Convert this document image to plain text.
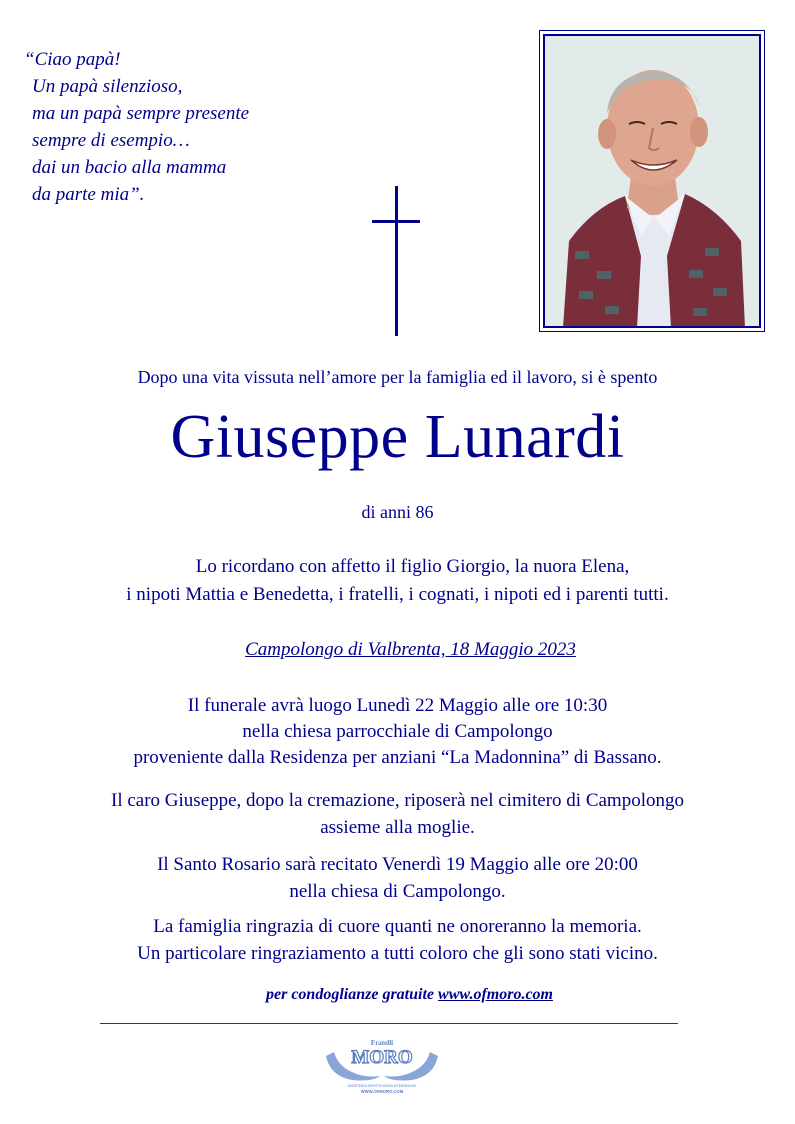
“Ciao papà!
Un papà silenzioso,
ma un papà sempre presente
sempre di esempio…
dai un bacio alla mamma
da parte mia”.
Dopo una vita vissuta nell’amore per la famiglia ed il lavoro, si è spento
Giuseppe Lunardi
di anni 86
Lo ricordano con affetto il figlio Giorgio, la nuora Elena,
i nipoti Mattia e Benedetta, i fratelli, i cognati, i nipoti ed i parenti tutti.
Campolongo di Valbrenta, 18 Maggio 2023
Il funerale avrà luogo Lunedì 22 Maggio alle ore 10:30
nella chiesa parrocchiale di Campolongo
proveniente dalla Residenza per anziani “La Madonnina” di Bassano.
Il caro Giuseppe, dopo la cremazione, riposerà nel cimitero di Campolongo
assieme alla moglie.
Il Santo Rosario sarà recitato Venerdì 19 Maggio alle ore 20:00
nella chiesa di Campolongo.
La famiglia ringrazia di cuore quanti ne onoreranno la memoria.
Un particolare ringraziamento a tutti coloro che gli sono stati vicino.
per condoglianze gratuite www.ofmoro.com
Fratelli
MORO
ASSISTENZA DIRETTA SENZA INTERMEDIARI
WWW.OFMORO.COM
